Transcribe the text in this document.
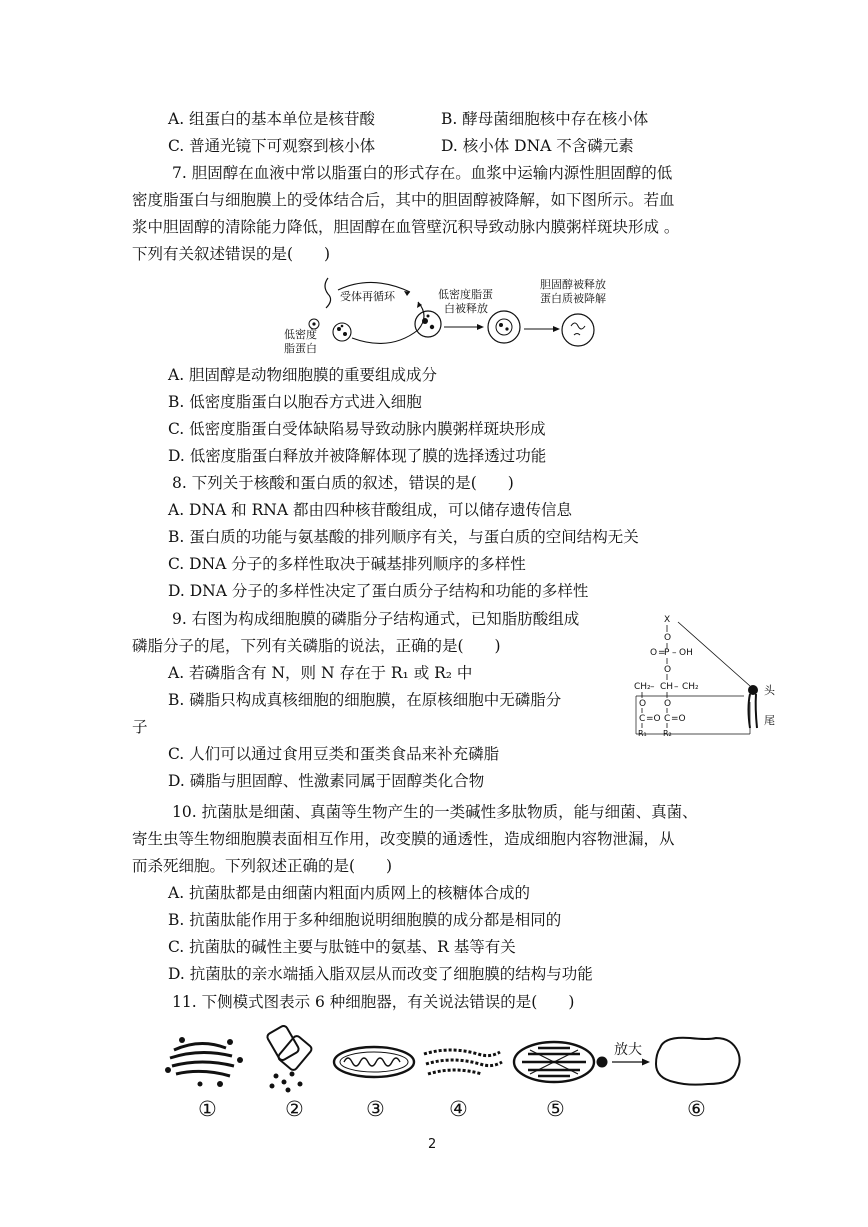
A. 组蛋白的基本单位是核苷酸	B. 酵母菌细胞核中存在核小体
C. 普通光镜下可观察到核小体	D. 核小体 DNA 不含磷元素
7. 胆固醇在血液中常以脂蛋白的形式存在。血浆中运输内源性胆固醇的低
密度脂蛋白与细胞膜上的受体结合后，其中的胆固醇被降解，如下图所示。若血
浆中胆固醇的清除能力降低，胆固醇在血管壁沉积导致动脉内膜粥样斑块形成 。
下列有关叙述错误的是(　　)
受体再循环
低密度
脂蛋白
低密度脂蛋
白被释放
胆固醇被释放
蛋白质被降解
A. 胆固醇是动物细胞膜的重要组成成分
B. 低密度脂蛋白以胞吞方式进入细胞
C. 低密度脂蛋白受体缺陷易导致动脉内膜粥样斑块形成
D. 低密度脂蛋白释放并被降解体现了膜的选择透过功能
8. 下列关于核酸和蛋白质的叙述，错误的是(　　)
A. DNA 和 RNA 都由四种核苷酸组成，可以储存遗传信息
B. 蛋白质的功能与氨基酸的排列顺序有关，与蛋白质的空间结构无关
C. DNA 分子的多样性取决于碱基排列顺序的多样性
D. DNA 分子的多样性决定了蛋白质分子结构和功能的多样性
9. 右图为构成细胞膜的磷脂分子结构通式，已知脂肪酸组成
磷脂分子的尾，下列有关磷脂的说法，正确的是(　　)
A. 若磷脂含有 N，则 N 存在于 R₁ 或 R₂ 中
B. 磷脂只构成真核细胞的细胞膜，在原核细胞中无磷脂分
子
C. 人们可以通过食用豆类和蛋类食品来补充磷脂
D. 磷脂与胆固醇、性激素同属于固醇类化合物
X
O
O =
P – OH
O
CH₂ – CH – CH₂
O O
C =O C =O
R₁ R₂
头
尾
10. 抗菌肽是细菌、真菌等生物产生的一类碱性多肽物质，能与细菌、真菌、
寄生虫等生物细胞膜表面相互作用，改变膜的通透性，造成细胞内容物泄漏，从
而杀死细胞。下列叙述正确的是(　　)
A. 抗菌肽都是由细菌内粗面内质网上的核糖体合成的
B. 抗菌肽能作用于多种细胞说明细胞膜的成分都是相同的
C. 抗菌肽的碱性主要与肽链中的氨基、R 基等有关
D. 抗菌肽的亲水端插入脂双层从而改变了细胞膜的结构与功能
11. 下侧模式图表示 6 种细胞器，有关说法错误的是(　　)
放大
①	②	③	④	⑤	⑥
2
